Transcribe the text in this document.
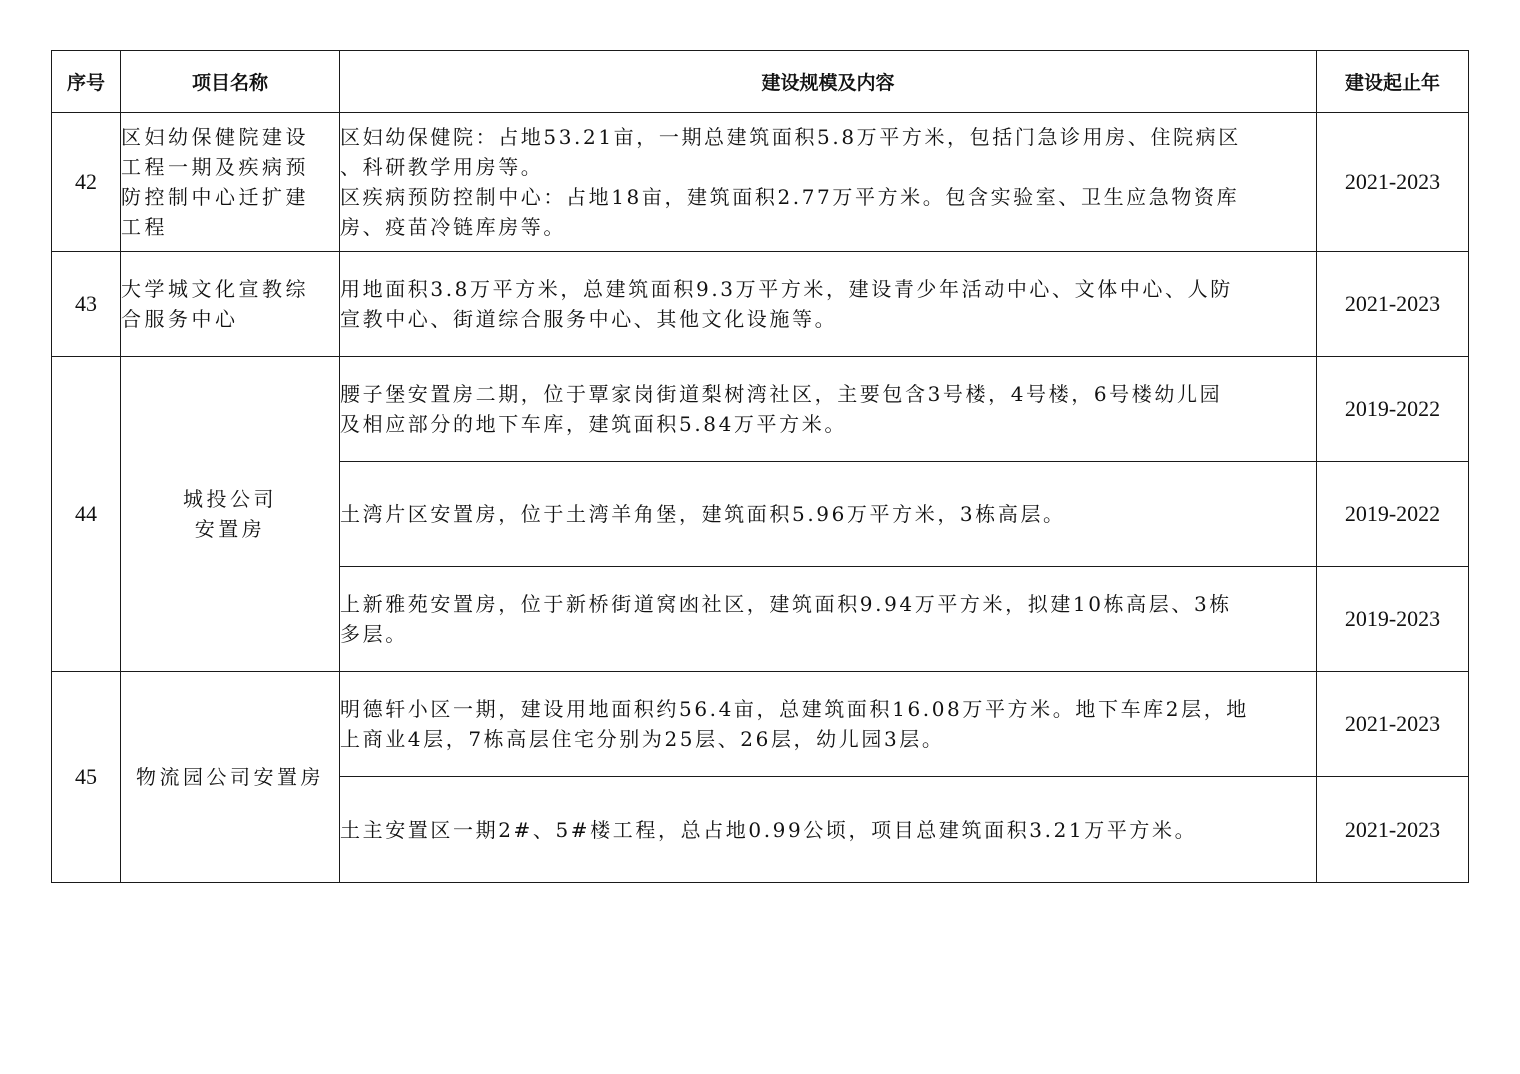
序号	项目名称	建设规模及内容	建设起止年
42	区妇幼保健院建设
工程一期及疾病预
防控制中心迁扩建
工程	区妇幼保健院：占地53.21亩，一期总建筑面积5.8万平方米，包括门急诊用房、住院病区
、科研教学用房等。
区疾病预防控制中心：占地18亩，建筑面积2.77万平方米。包含实验室、卫生应急物资库
房、疫苗冷链库房等。	2021-2023
43	大学城文化宣教综
合服务中心	用地面积3.8万平方米，总建筑面积9.3万平方米，建设青少年活动中心、文体中心、人防
宣教中心、街道综合服务中心、其他文化设施等。	2021-2023
44	城投公司
安置房	腰子堡安置房二期，位于覃家岗街道梨树湾社区，主要包含3号楼，4号楼，6号楼幼儿园
及相应部分的地下车库，建筑面积5.84万平方米。	2019-2022

		土湾片区安置房，位于土湾羊角堡，建筑面积5.96万平方米，3栋高层。	2019-2022

		上新雅苑安置房，位于新桥街道窝凼社区，建筑面积9.94万平方米，拟建10栋高层、3栋
多层。	2019-2023
45	物流园公司安置房	明德轩小区一期，建设用地面积约56.4亩，总建筑面积16.08万平方米。地下车库2层，地
上商业4层，7栋高层住宅分别为25层、26层，幼儿园3层。	2021-2023

		土主安置区一期2#、5#楼工程，总占地0.99公顷，项目总建筑面积3.21万平方米。	2021-2023
